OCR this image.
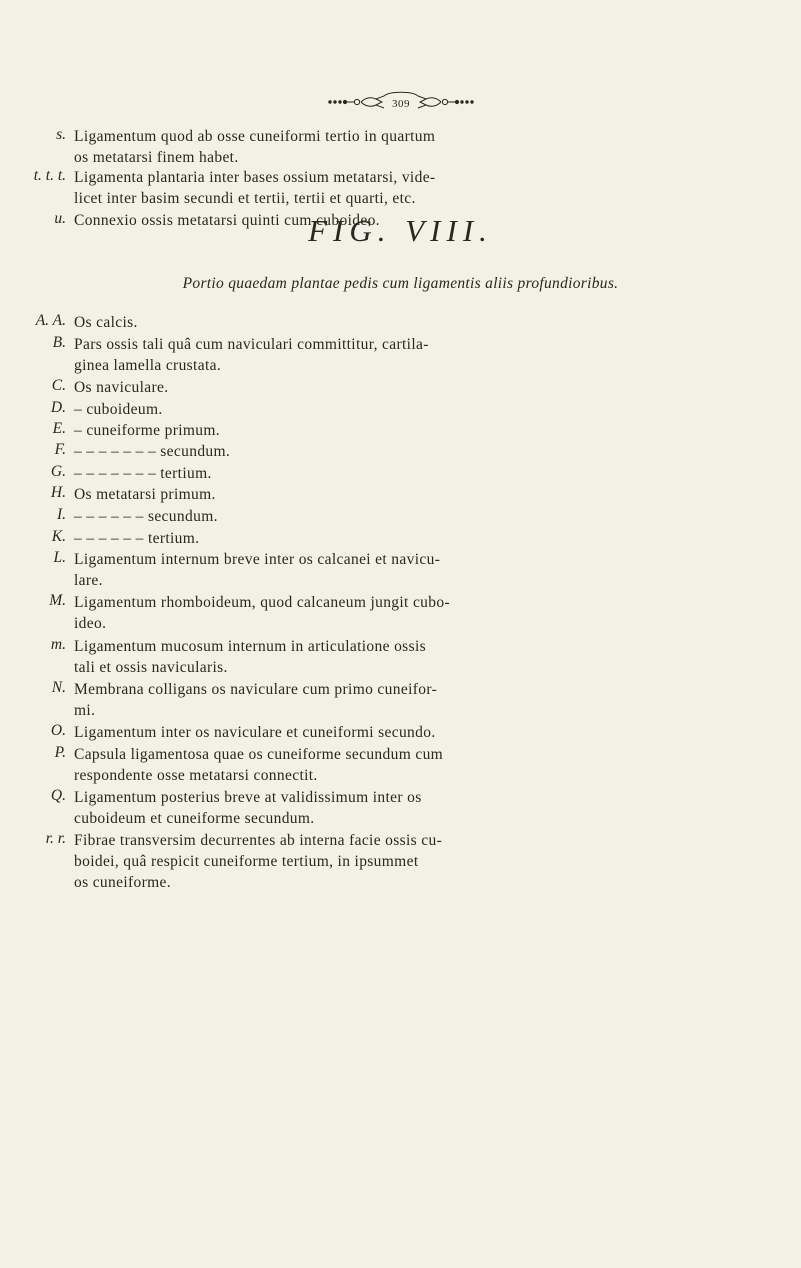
309
s. Ligamentum quod ab osse cuneiformi tertio in quartum
os metatarsi finem habet.
t. t. t. Ligamenta plantaria inter bases ossium metatarsi, vide-
licet inter basim secundi et tertii, tertii et quarti, etc.
u. Connexio ossis metatarsi quinti cum cuboideo.
FIG. VIII.
Portio quaedam plantae pedis cum ligamentis aliis profundioribus.
A. A. Os calcis.
B. Pars ossis tali quâ cum naviculari committitur, cartila-
ginea lamella crustata.
C. Os naviculare.
D. – cuboideum.
E. – cuneiforme primum.
F. – – – – – – – secundum.
G. – – – – – – – tertium.
H. Os metatarsi primum.
I. – – – – – – secundum.
K. – – – – – – tertium.
L. Ligamentum internum breve inter os calcanei et navicu-
lare.
M. Ligamentum rhomboideum, quod calcaneum jungit cubo-
ideo.
m. Ligamentum mucosum internum in articulatione ossis
tali et ossis navicularis.
N. Membrana colligans os naviculare cum primo cuneifor-
mi.
O. Ligamentum inter os naviculare et cuneiformi secundo.
P. Capsula ligamentosa quae os cuneiforme secundum cum
respondente osse metatarsi connectit.
Q. Ligamentum posterius breve at validissimum inter os
cuboideum et cuneiforme secundum.
r. r. Fibrae transversim decurrentes ab interna facie ossis cu-
boidei, quâ respicit cuneiforme tertium, in ipsummet
os cuneiforme.
